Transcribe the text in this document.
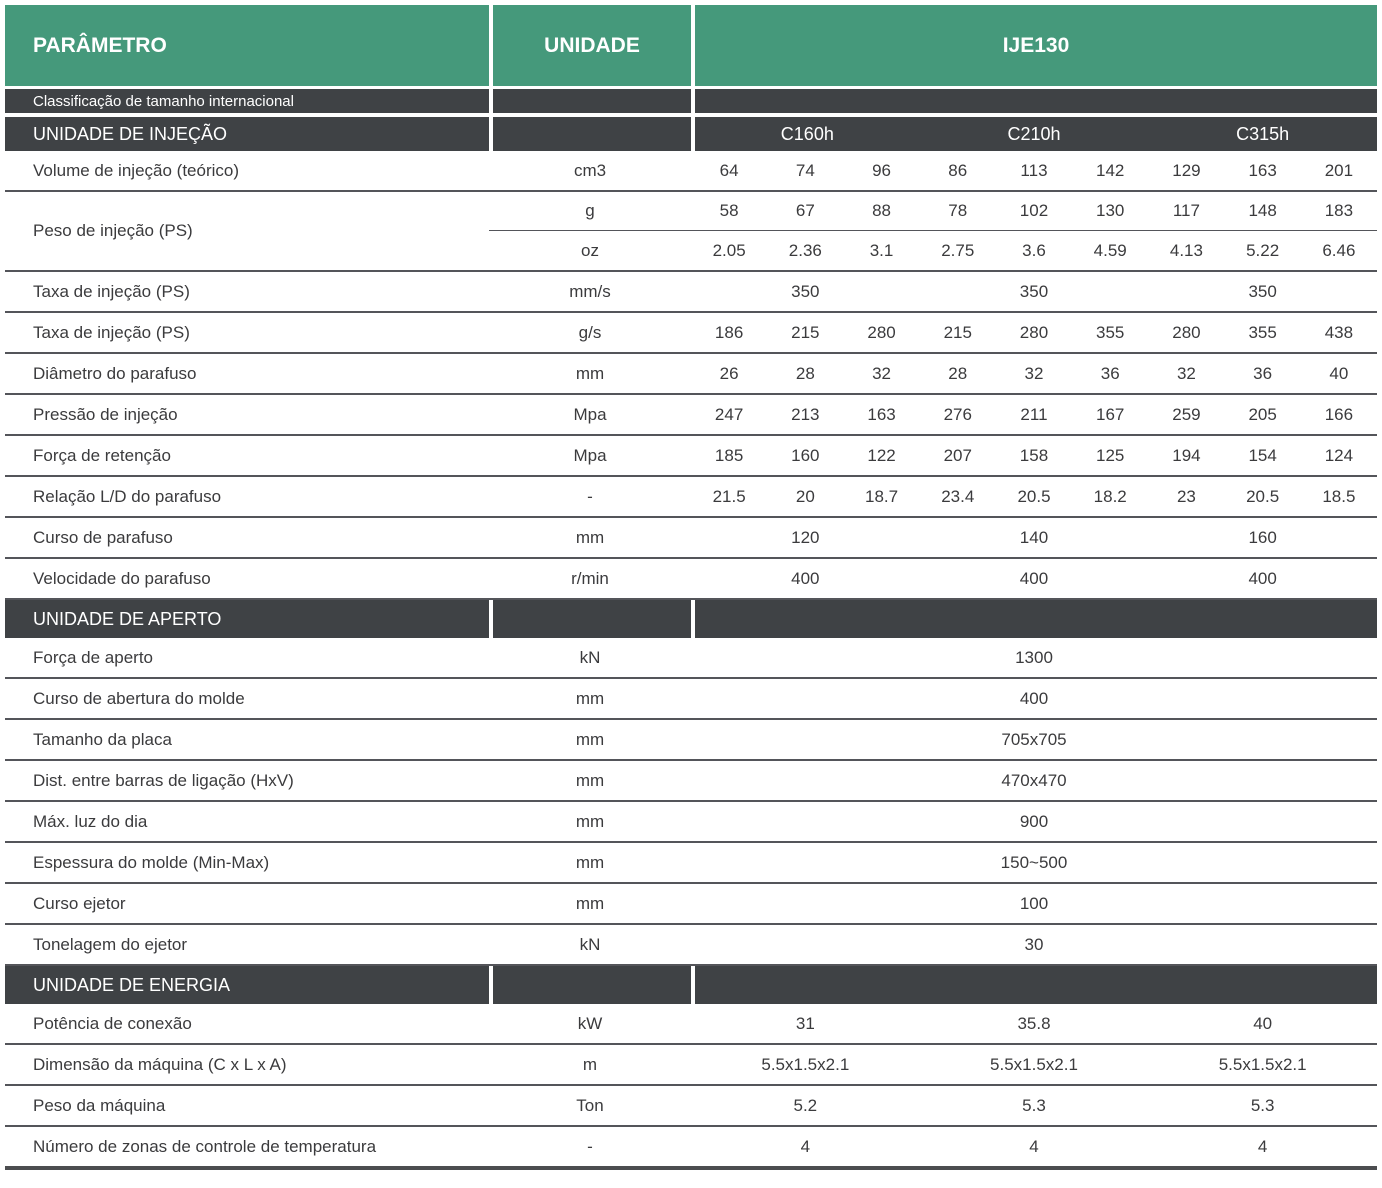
PARÂMETRO	UNIDADE	IJE130								
Classificação de tamanho internacional										
UNIDADE DE INJEÇÃO		C160h			C210h			C315h		
Volume de injeção (teórico)	cm3	64	74	96	86	113	142	129	163	201
Peso de injeção (PS)	g	58	67	88	78	102	130	117	148	183
	oz	2.05	2.36	3.1	2.75	3.6	4.59	4.13	5.22	6.46
Taxa de injeção (PS)	mm/s	350			350			350		
Taxa de injeção (PS)	g/s	186	215	280	215	280	355	280	355	438
Diâmetro do parafuso	mm	26	28	32	28	32	36	32	36	40
Pressão de injeção	Mpa	247	213	163	276	211	167	259	205	166
Força de retenção	Mpa	185	160	122	207	158	125	194	154	124
Relação L/D do parafuso	-	21.5	20	18.7	23.4	20.5	18.2	23	20.5	18.5
Curso de parafuso	mm	120			140			160		
Velocidade do parafuso	r/min	400			400			400		
UNIDADE DE APERTO										
Força de aperto	kN	1300								
Curso de abertura do molde	mm	400								
Tamanho da placa	mm	705x705								
Dist. entre barras de ligação (HxV)	mm	470x470								
Máx. luz do dia	mm	900								
Espessura do molde (Min-Max)	mm	150~500								
Curso ejetor	mm	100								
Tonelagem do ejetor	kN	30								
UNIDADE DE ENERGIA										
Potência de conexão	kW	31			35.8			40		
Dimensão da máquina (C x L x A)	m	5.5x1.5x2.1			5.5x1.5x2.1			5.5x1.5x2.1		
Peso da máquina	Ton	5.2			5.3			5.3		
Número de zonas de controle de temperatura	-	4			4			4		
